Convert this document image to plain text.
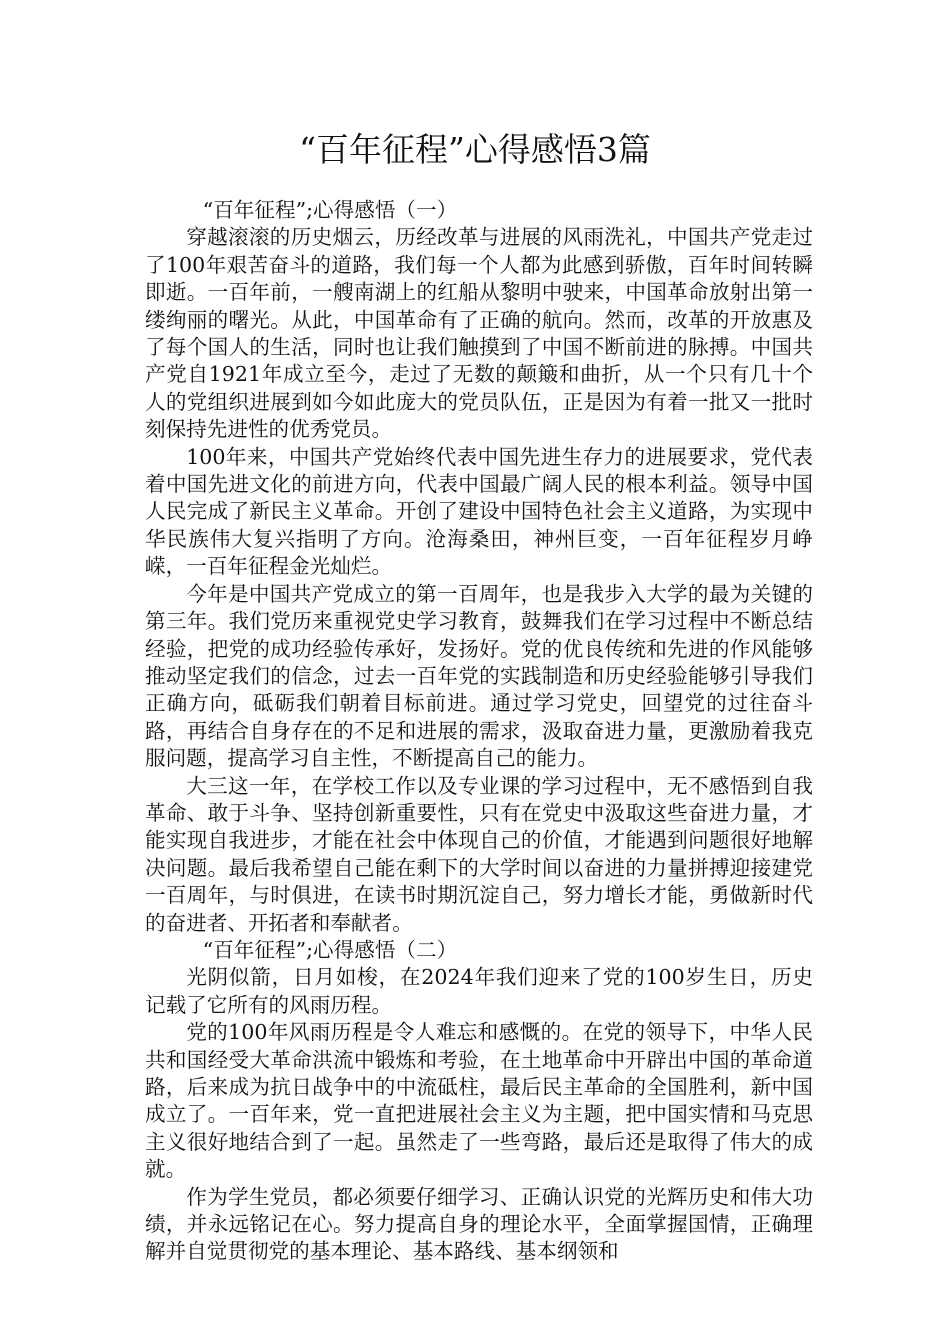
“百年征程”心得感悟3篇

“百年征程”;心得感悟（一）

穿越滚滚的历史烟云，历经改革与进展的风雨洗礼，中国共产党走过了100年艰苦奋斗的道路，我们每一个人都为此感到骄傲，百年时间转瞬即逝。一百年前，一艘南湖上的红船从黎明中驶来，中国革命放射出第一缕绚丽的曙光。从此，中国革命有了正确的航向。然而，改革的开放惠及了每个国人的生活，同时也让我们触摸到了中国不断前进的脉搏。中国共产党自1921年成立至今，走过了无数的颠簸和曲折，从一个只有几十个人的党组织进展到如今如此庞大的党员队伍，正是因为有着一批又一批时刻保持先进性的优秀党员。

100年来，中国共产党始终代表中国先进生存力的进展要求，党代表着中国先进文化的前进方向，代表中国最广阔人民的根本利益。领导中国人民完成了新民主义革命。开创了建设中国特色社会主义道路，为实现中华民族伟大复兴指明了方向。沧海桑田，神州巨变，一百年征程岁月峥嵘，一百年征程金光灿烂。

今年是中国共产党成立的第一百周年，也是我步入大学的最为关键的第三年。我们党历来重视党史学习教育，鼓舞我们在学习过程中不断总结经验，把党的成功经验传承好，发扬好。党的优良传统和先进的作风能够推动坚定我们的信念，过去一百年党的实践制造和历史经验能够引导我们正确方向，砥砺我们朝着目标前进。通过学习党史，回望党的过往奋斗路，再结合自身存在的不足和进展的需求，汲取奋进力量，更激励着我克服问题，提高学习自主性，不断提高自己的能力。

大三这一年，在学校工作以及专业课的学习过程中，无不感悟到自我革命、敢于斗争、坚持创新重要性，只有在党史中汲取这些奋进力量，才能实现自我进步，才能在社会中体现自己的价值，才能遇到问题很好地解决问题。最后我希望自己能在剩下的大学时间以奋进的力量拼搏迎接建党一百周年，与时俱进，在读书时期沉淀自己，努力增长才能，勇做新时代的奋进者、开拓者和奉献者。

“百年征程”;心得感悟（二）

光阴似箭，日月如梭，在2024年我们迎来了党的100岁生日，历史记载了它所有的风雨历程。

党的100年风雨历程是令人难忘和感慨的。在党的领导下，中华人民共和国经受大革命洪流中锻炼和考验，在土地革命中开辟出中国的革命道路，后来成为抗日战争中的中流砥柱，最后民主革命的全国胜利，新中国成立了。一百年来，党一直把进展社会主义为主题，把中国实情和马克思主义很好地结合到了一起。虽然走了一些弯路，最后还是取得了伟大的成就。

作为学生党员，都必须要仔细学习、正确认识党的光辉历史和伟大功绩，并永远铭记在心。努力提高自身的理论水平，全面掌握国情，正确理解并自觉贯彻党的基本理论、基本路线、基本纲领和
